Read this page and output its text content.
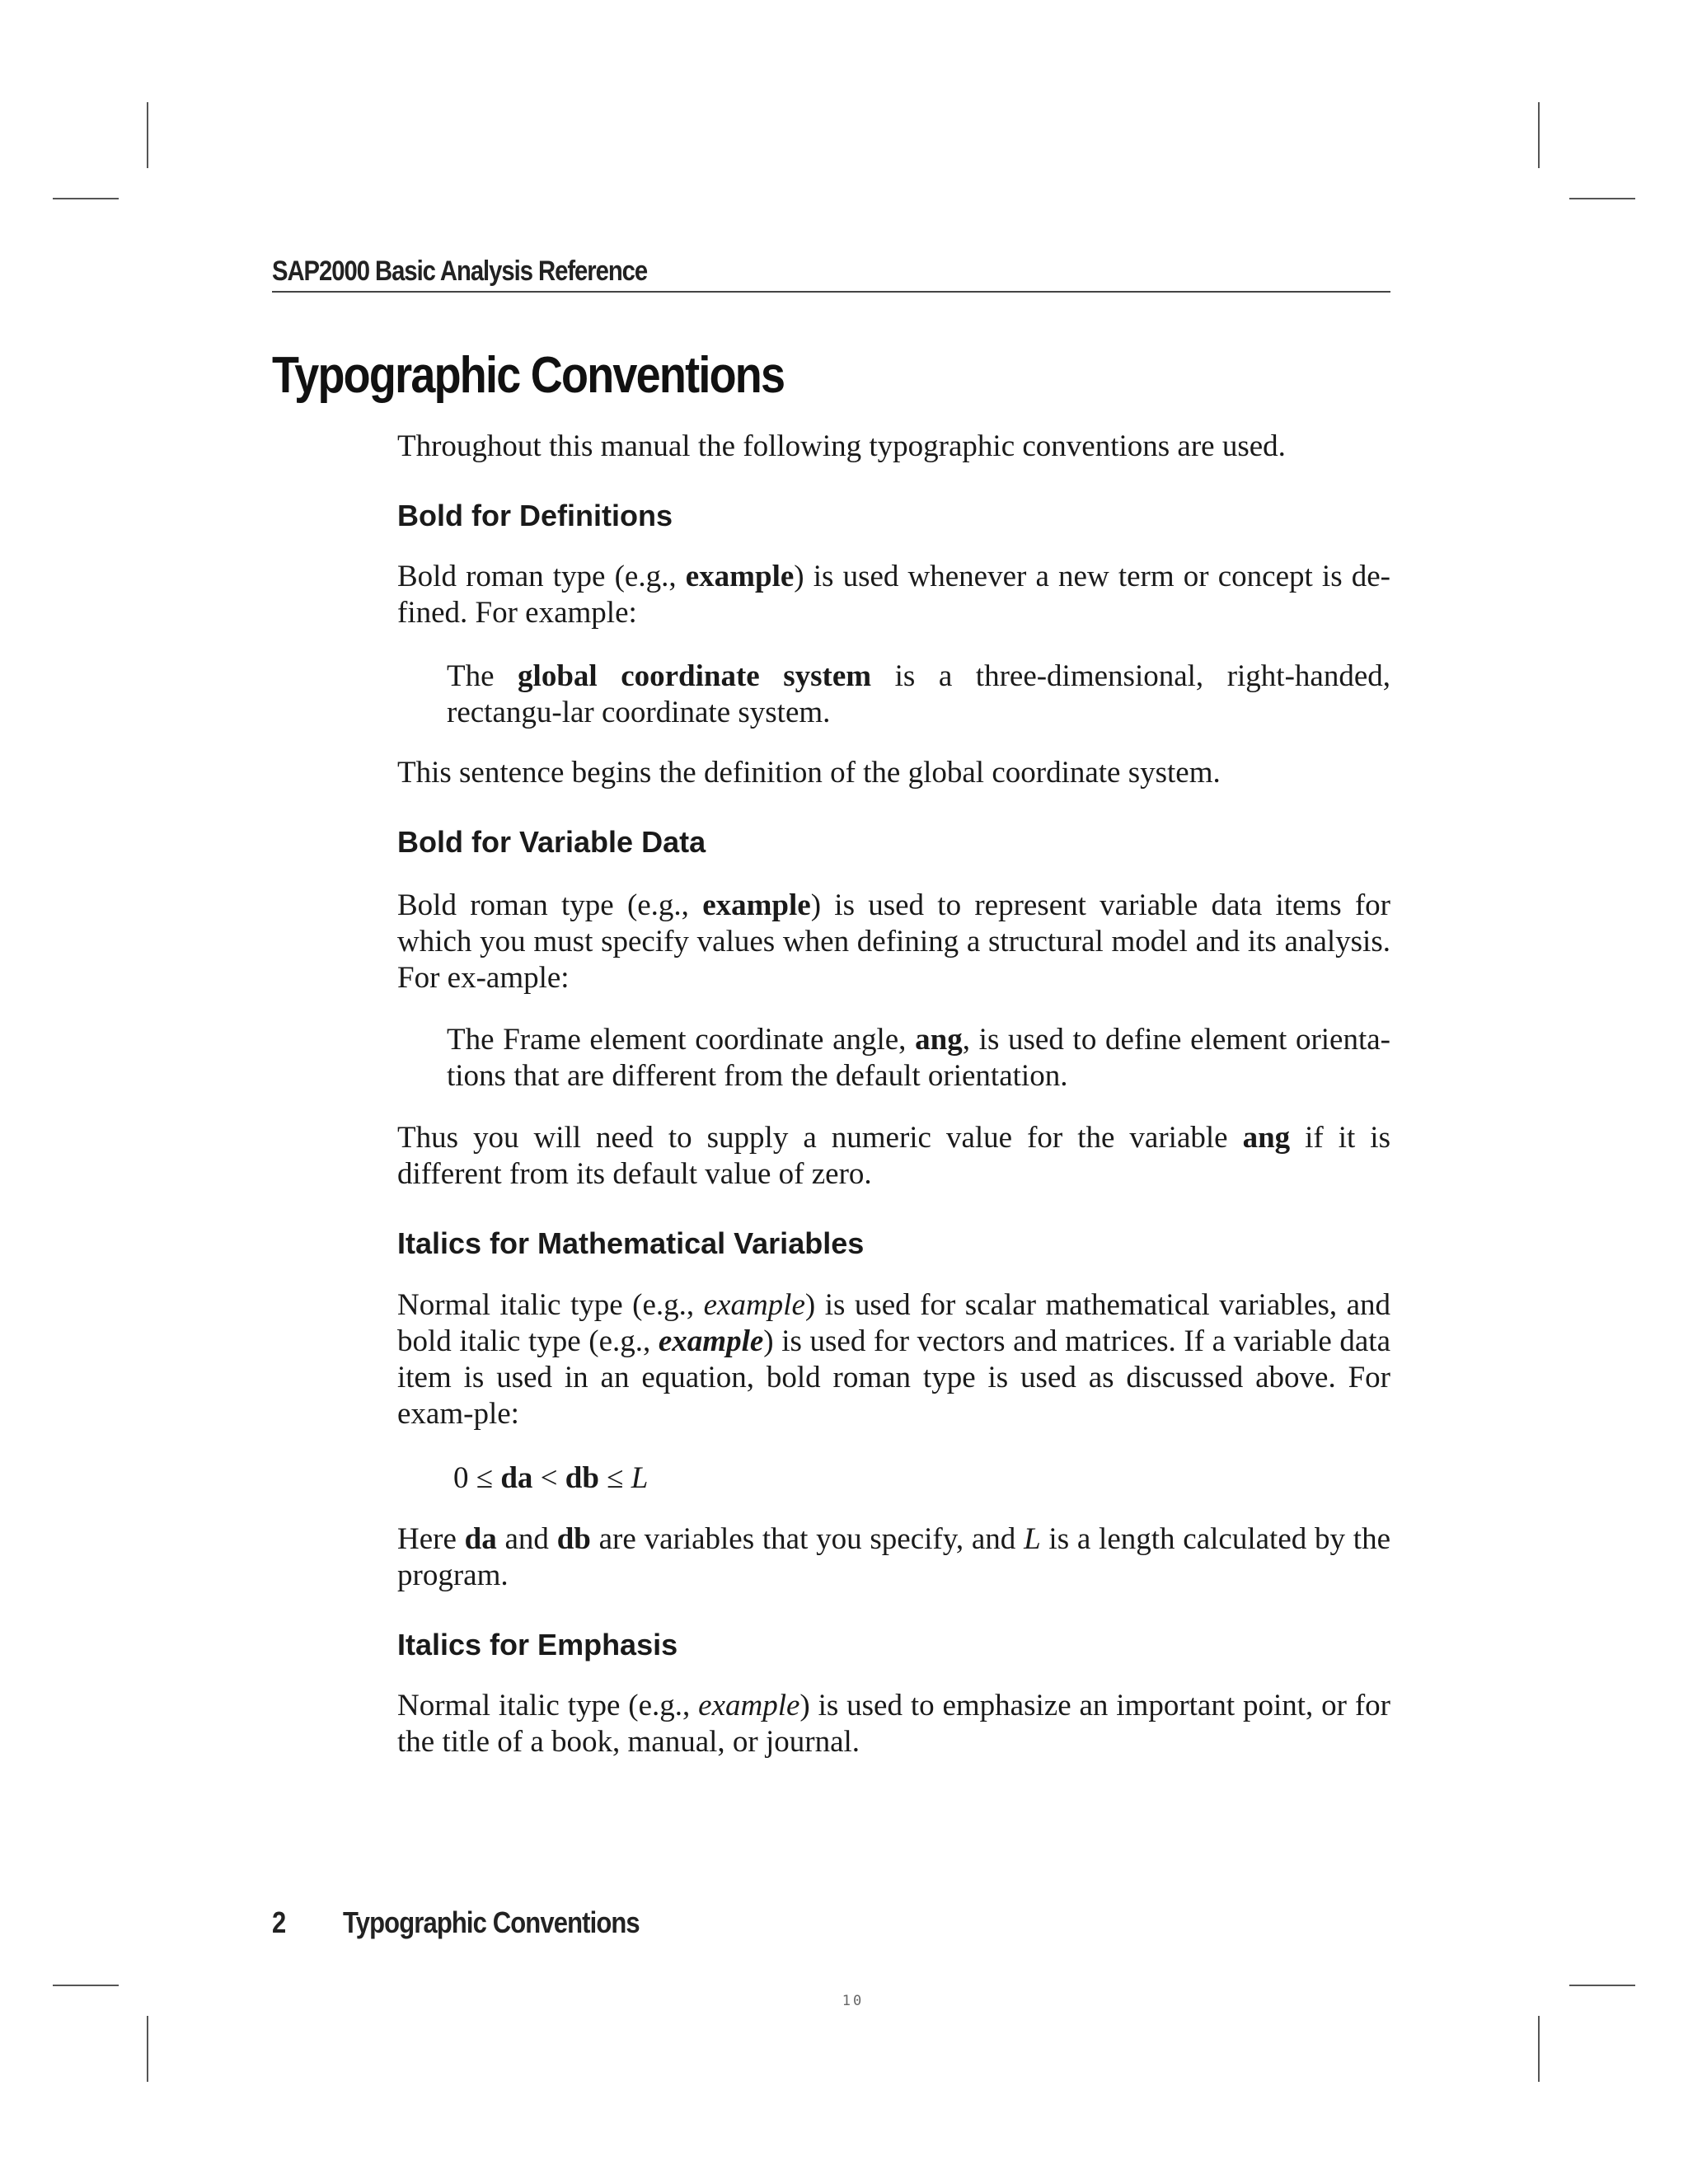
SAP2000 Basic Analysis Reference
Typographic Conventions

Throughout this manual the following typographic conventions are used.

Bold for Definitions

Bold roman type (e.g., example) is used whenever a new term or concept is de-fined. For example:

The global coordinate system is a three-dimensional, right-handed, rectangu-lar coordinate system.

This sentence begins the definition of the global coordinate system.

Bold for Variable Data

Bold roman type (e.g., example) is used to represent variable data items for which you must specify values when defining a structural model and its analysis. For ex-ample:

The Frame element coordinate angle, ang, is used to define element orienta-tions that are different from the default orientation.

Thus you will need to supply a numeric value for the variable ang if it is different from its default value of zero.

Italics for Mathematical Variables

Normal italic type (e.g., example) is used for scalar mathematical variables, and bold italic type (e.g., example) is used for vectors and matrices. If a variable data item is used in an equation, bold roman type is used as discussed above. For exam-ple:

0 ≤ da < db ≤ L

Here da and db are variables that you specify, and L is a length calculated by the program.

Italics for Emphasis

Normal italic type (e.g., example) is used to emphasize an important point, or for the title of a book, manual, or journal.

2 Typographic Conventions
10
